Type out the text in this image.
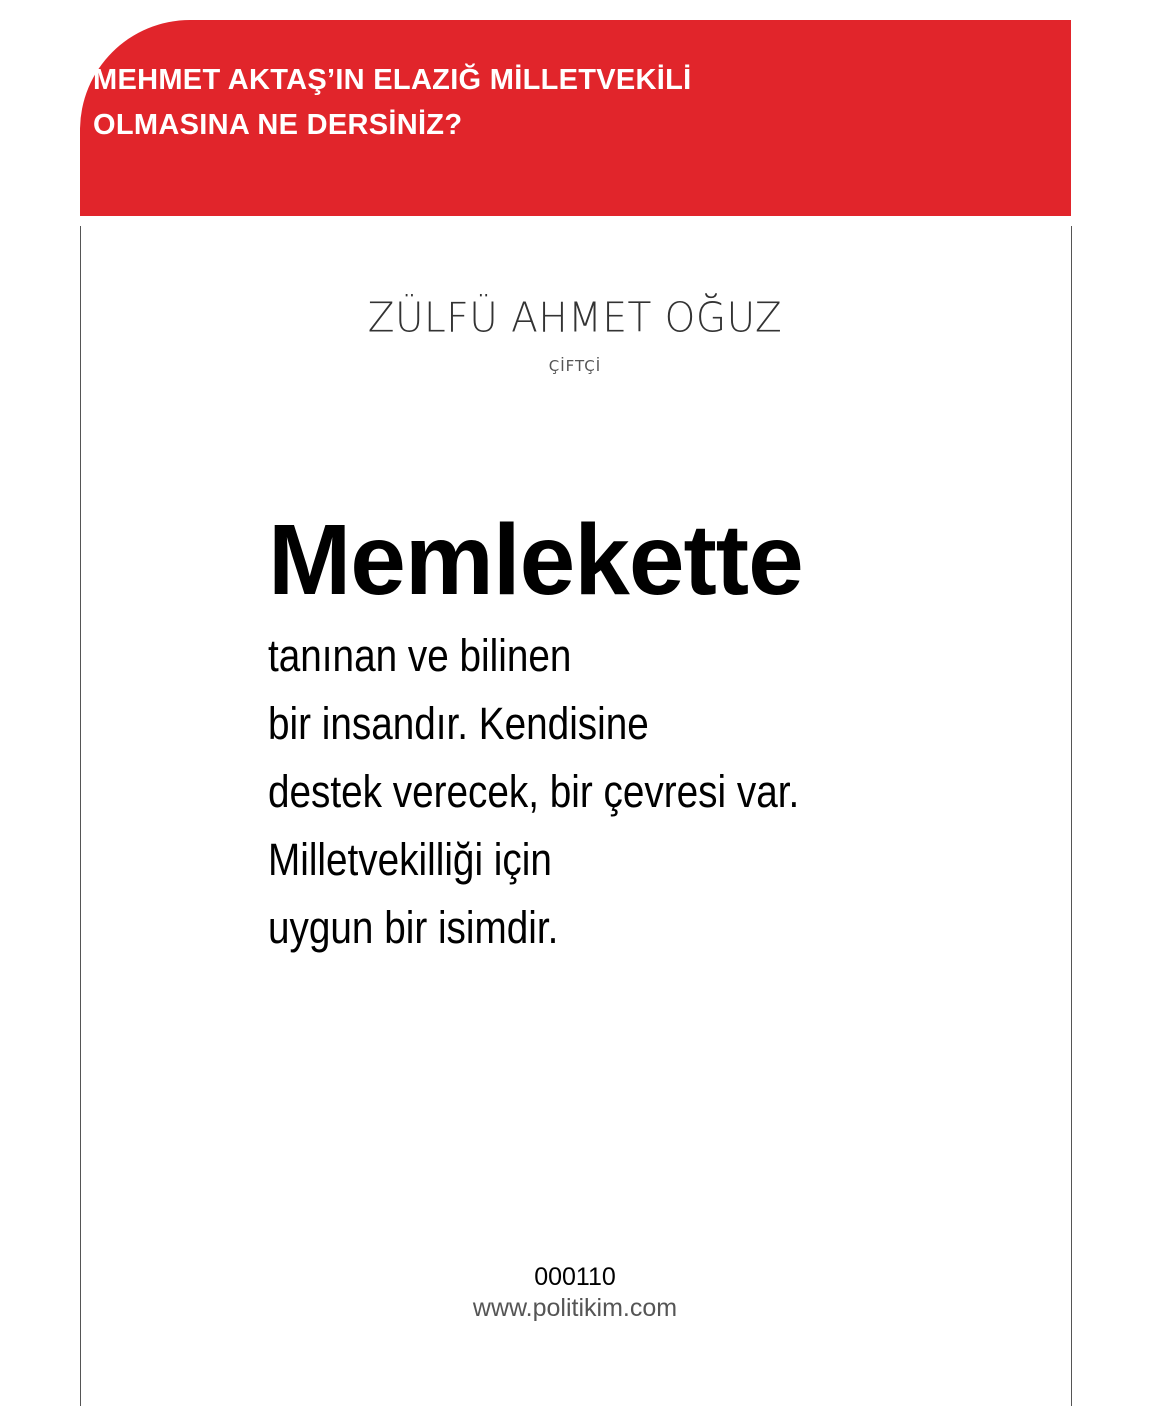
MEHMET AKTAŞ’IN ELAZIĞ MİLLETVEKİLİ
OLMASINA NE DERSİNİZ?

ZÜLFÜ AHMET OĞUZ

ÇİFTÇİ

Memlekette
tanınan ve bilinen
bir insandır. Kendisine
destek verecek, bir çevresi var.
Milletvekilliği için
uygun bir isimdir.

000110

www.politikim.com
